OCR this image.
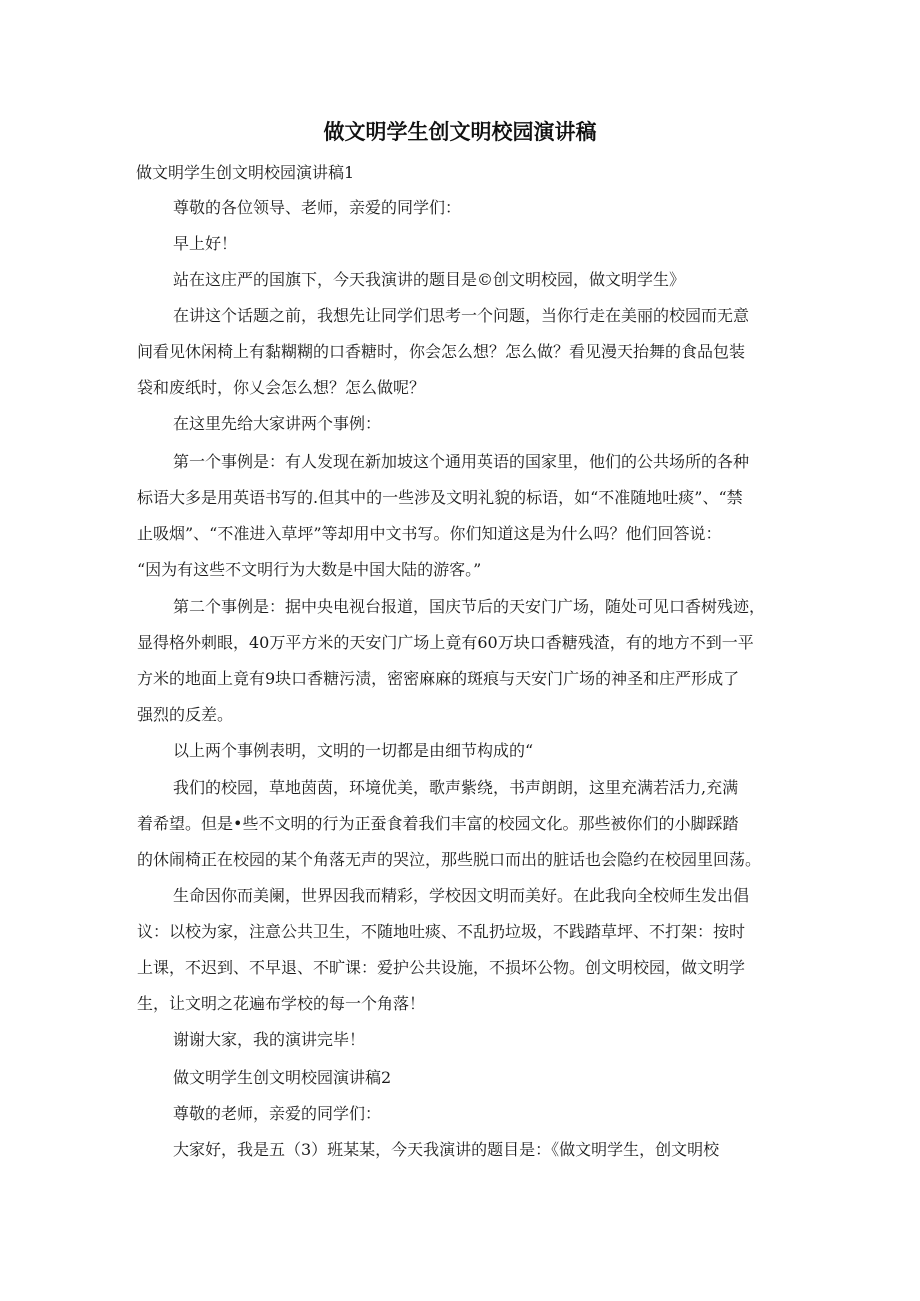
做文明学生创文明校园演讲稿
做文明学生创文明校园演讲稿1
尊敬的各位领导、老师，亲爱的同学们：
早上好！
站在这庄严的国旗下，今天我演讲的题目是©创文明校园，做文明学生》
在讲这个话题之前，我想先让同学们思考一个问题，当你行走在美丽的校园而无意
间看见休闲椅上有黏糊糊的口香糖时，你会怎么想？怎么做？看见漫天抬舞的食品包装
袋和废纸时，你乂会怎么想？怎么做呢？
在这里先给大家讲两个事例：
第一个事例是：有人发现在新加坡这个通用英语的国家里，他们的公共场所的各种
标语大多是用英语书写的.但其中的一些涉及文明礼貌的标语，如“不准随地吐痰”、“禁
止吸烟”、“不准进入草坪”等却用中文书写。你们知道这是为什么吗？他们回答说：
“因为有这些不文明行为大数是中国大陆的游客。”
第二个事例是：据中央电视台报道，国庆节后的天安门广场，随处可见口香树残迹，
显得格外刺眼，40万平方米的天安门广场上竟有60万块口香糖残渣，有的地方不到一平
方米的地面上竟有9块口香糖污渍，密密麻麻的斑痕与天安门广场的神圣和庄严形成了
强烈的反差。
以上两个事例表明，文明的一切都是由细节构成的“
我们的校园，草地茵茵，环境优美，歌声紫绕，书声朗朗，这里充满若活力,充满
着希望。但是•些不文明的行为正蚕食着我们丰富的校园文化。那些被你们的小脚踩踏
的休闹椅正在校园的某个角落无声的哭泣，那些脱口而出的脏话也会隐约在校园里回荡。
生命因你而美阑，世界因我而精彩，学校因文明而美好。在此我向全校师生发出倡
议：以校为家，注意公共卫生，不随地吐痰、不乱扔垃圾，不践踏草坪、不打架：按时
上课，不迟到、不早退、不旷课：爱护公共设施，不损坏公物。创文明校园，做文明学
生，让文明之花遍布学校的每一个角落！
谢谢大家，我的演讲完毕！
做文明学生创文明校园演讲稿2
尊敬的老师，亲爱的同学们：
大家好，我是五（3）班某某，今天我演讲的题目是：《做文明学生，创文明校
